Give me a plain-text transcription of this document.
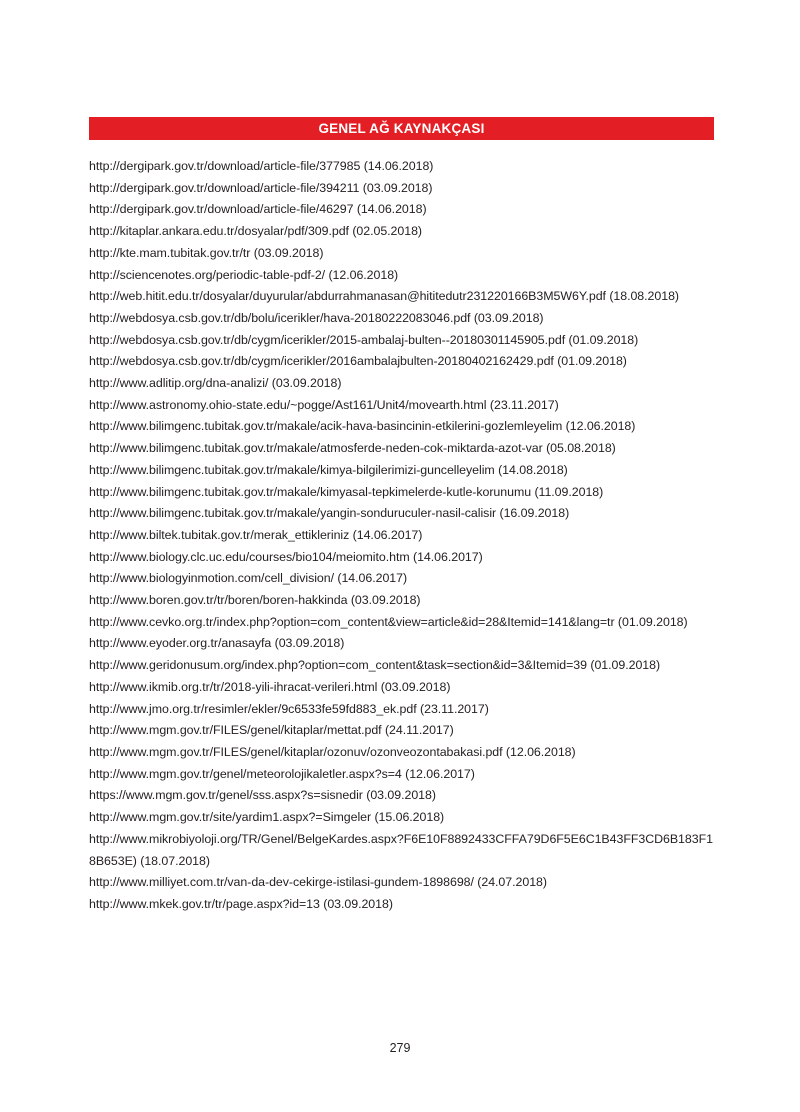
GENEL AĞ KAYNAKÇASI
http://dergipark.gov.tr/download/article-file/377985 (14.06.2018)
http://dergipark.gov.tr/download/article-file/394211 (03.09.2018)
http://dergipark.gov.tr/download/article-file/46297 (14.06.2018)
http://kitaplar.ankara.edu.tr/dosyalar/pdf/309.pdf (02.05.2018)
http://kte.mam.tubitak.gov.tr/tr (03.09.2018)
http://sciencenotes.org/periodic-table-pdf-2/ (12.06.2018)
http://web.hitit.edu.tr/dosyalar/duyurular/abdurrahmanasan@hititedutr231220166B3M5W6Y.pdf (18.08.2018)
http://webdosya.csb.gov.tr/db/bolu/icerikler/hava-20180222083046.pdf (03.09.2018)
http://webdosya.csb.gov.tr/db/cygm/icerikler/2015-ambalaj-bulten--20180301145905.pdf (01.09.2018)
http://webdosya.csb.gov.tr/db/cygm/icerikler/2016ambalajbulten-20180402162429.pdf (01.09.2018)
http://www.adlitip.org/dna-analizi/ (03.09.2018)
http://www.astronomy.ohio-state.edu/~pogge/Ast161/Unit4/movearth.html (23.11.2017)
http://www.bilimgenc.tubitak.gov.tr/makale/acik-hava-basincinin-etkilerini-gozlemleyelim (12.06.2018)
http://www.bilimgenc.tubitak.gov.tr/makale/atmosferde-neden-cok-miktarda-azot-var (05.08.2018)
http://www.bilimgenc.tubitak.gov.tr/makale/kimya-bilgilerimizi-guncelleyelim (14.08.2018)
http://www.bilimgenc.tubitak.gov.tr/makale/kimyasal-tepkimelerde-kutle-korunumu (11.09.2018)
http://www.bilimgenc.tubitak.gov.tr/makale/yangin-sonduruculer-nasil-calisir (16.09.2018)
http://www.biltek.tubitak.gov.tr/merak_ettikleriniz (14.06.2017)
http://www.biology.clc.uc.edu/courses/bio104/meiomito.htm (14.06.2017)
http://www.biologyinmotion.com/cell_division/ (14.06.2017)
http://www.boren.gov.tr/tr/boren/boren-hakkinda (03.09.2018)
http://www.cevko.org.tr/index.php?option=com_content&view=article&id=28&Itemid=141&lang=tr (01.09.2018)
http://www.eyoder.org.tr/anasayfa (03.09.2018)
http://www.geridonusum.org/index.php?option=com_content&task=section&id=3&Itemid=39 (01.09.2018)
http://www.ikmib.org.tr/tr/2018-yili-ihracat-verileri.html (03.09.2018)
http://www.jmo.org.tr/resimler/ekler/9c6533fe59fd883_ek.pdf (23.11.2017)
http://www.mgm.gov.tr/FILES/genel/kitaplar/mettat.pdf (24.11.2017)
http://www.mgm.gov.tr/FILES/genel/kitaplar/ozonuv/ozonveozontabakasi.pdf (12.06.2018)
http://www.mgm.gov.tr/genel/meteorolojikaletler.aspx?s=4 (12.06.2017)
https://www.mgm.gov.tr/genel/sss.aspx?s=sisnedir (03.09.2018)
http://www.mgm.gov.tr/site/yardim1.aspx?=Simgeler (15.06.2018)
http://www.mikrobiyoloji.org/TR/Genel/BelgeKardes.aspx?F6E10F8892433CFFA79D6F5E6C1B43FF3CD6B183F18B653E) (18.07.2018)
http://www.milliyet.com.tr/van-da-dev-cekirge-istilasi-gundem-1898698/ (24.07.2018)
http://www.mkek.gov.tr/tr/page.aspx?id=13 (03.09.2018)
279
